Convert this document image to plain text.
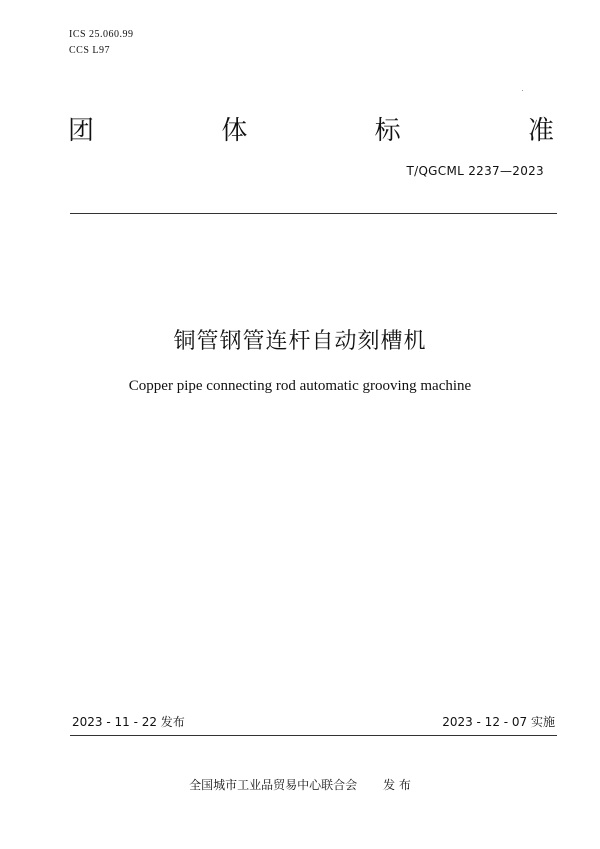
ICS 25.060.99
CCS L97
团	体	标	准
T/QGCML 2237—2023
铜管钢管连杆自动刻槽机
Copper pipe connecting rod automatic grooving machine
2023 - 11 - 22 发布	2023 - 12 - 07 实施
全国城市工业品贸易中心联合会 发 布
